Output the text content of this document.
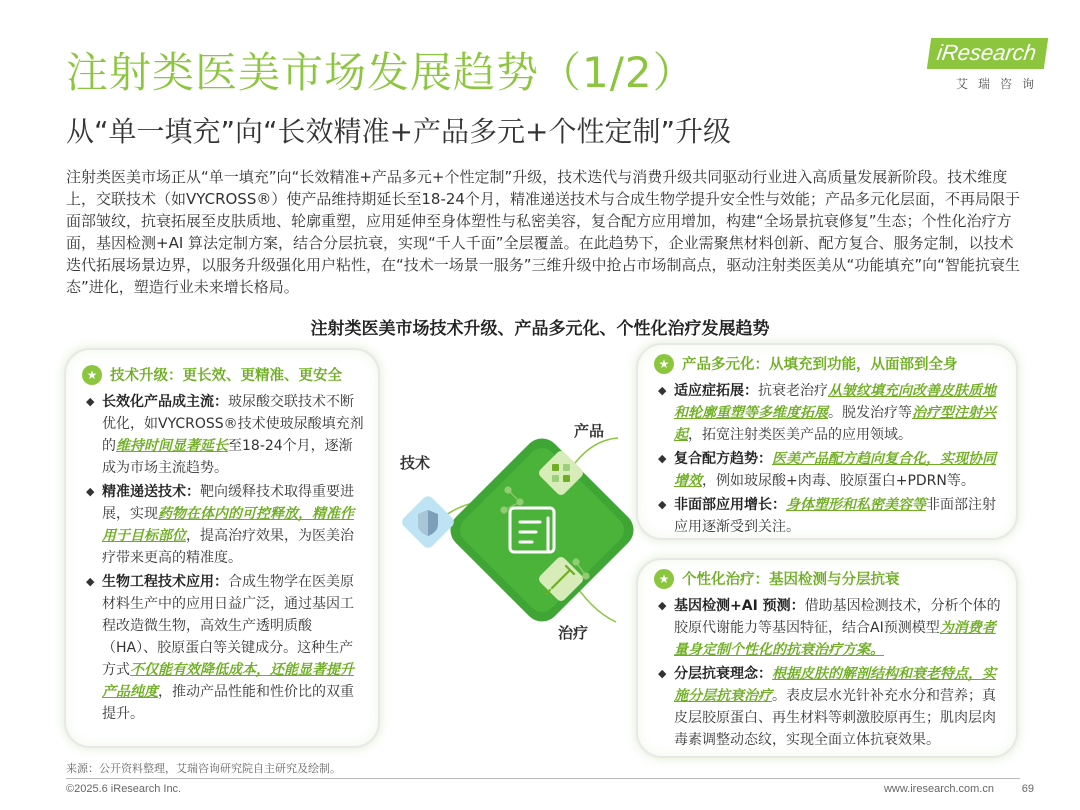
注射类医美市场发展趋势（1/2）
从“单一填充”向“长效精准+产品多元+个性定制”升级
iResearch
艾瑞咨询
注射类医美市场正从“单一填充”向“长效精准+产品多元+个性定制”升级，技术迭代与消费升级共同驱动行业进入高质量发展新阶段。技术维度上，交联技术（如VYCROSS®）使产品维持期延长至18-24个月，精准递送技术与合成生物学提升安全性与效能；产品多元化层面，不再局限于面部皱纹，抗衰拓展至皮肤质地、轮廓重塑，应用延伸至身体塑性与私密美容，复合配方应用增加，构建“全场景抗衰修复”生态；个性化治疗方面，基因检测+AI 算法定制方案，结合分层抗衰，实现“千人千面”全层覆盖。在此趋势下，企业需聚焦材料创新、配方复合、服务定制，以技术迭代拓展场景边界，以服务升级强化用户粘性，在“技术一场景一服务”三维升级中抢占市场制高点，驱动注射类医美从“功能填充”向“智能抗衰生态”进化，塑造行业未来增长格局。
注射类医美市场技术升级、产品多元化、个性化治疗发展趋势
★ 技术升级：更长效、更精准、更安全
◆ 长效化产品成主流：玻尿酸交联技术不断优化，如VYCROSS®技术使玻尿酸填充剂的维持时间显著延长至18-24个月，逐渐成为市场主流趋势。
◆ 精准递送技术：靶向缓释技术取得重要进展，实现药物在体内的可控释放，精准作用于目标部位，提高治疗效果，为医美治疗带来更高的精准度。
◆ 生物工程技术应用：合成生物学在医美原材料生产中的应用日益广泛，通过基因工程改造微生物，高效生产透明质酸（HA）、胶原蛋白等关键成分。这种生产方式不仅能有效降低成本，还能显著提升产品纯度，推动产品性能和性价比的双重提升。
技术
产品
治疗
★ 产品多元化：从填充到功能，从面部到全身
◆ 适应症拓展：抗衰老治疗从皱纹填充向改善皮肤质地和轮廓重塑等多维度拓展。脱发治疗等治疗型注射兴起，拓宽注射类医美产品的应用领域。
◆ 复合配方趋势：医美产品配方趋向复合化，实现协同增效，例如玻尿酸+肉毒、胶原蛋白+PDRN等。
◆ 非面部应用增长：身体塑形和私密美容等非面部注射应用逐渐受到关注。
★ 个性化治疗：基因检测与分层抗衰
◆ 基因检测+AI 预测：借助基因检测技术，分析个体的胶原代谢能力等基因特征，结合AI预测模型为消费者量身定制个性化的抗衰治疗方案。
◆ 分层抗衰理念：根据皮肤的解剖结构和衰老特点，实施分层抗衰治疗。表皮层水光针补充水分和营养；真皮层胶原蛋白、再生材料等刺激胶原再生；肌肉层肉毒素调整动态纹，实现全面立体抗衰效果。
来源：公开资料整理，艾瑞咨询研究院自主研究及绘制。
©2025.6 iResearch Inc.	www.iresearch.com.cn	69
